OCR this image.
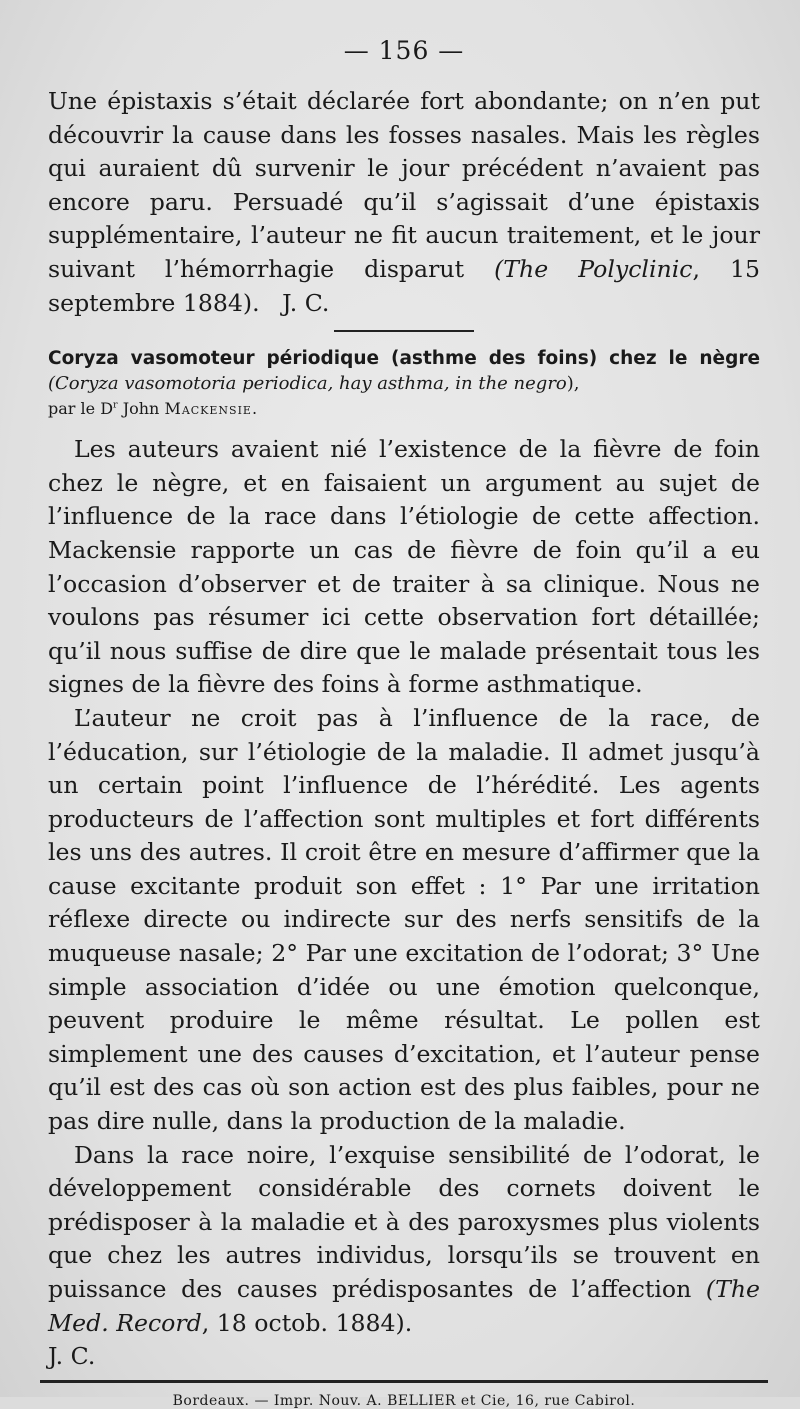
— 156 —

Une épistaxis s’était déclarée fort abondante; on n’en put découvrir la cause dans les fosses nasales. Mais les règles qui auraient dû survenir le jour précédent n’avaient pas encore paru. Persuadé qu’il s’agissait d’une épistaxis supplémentaire, l’auteur ne fit aucun traitement, et le jour suivant l’hémorrhagie disparut (The Polyclinic, 15 septembre 1884). J. C.

Coryza vasomoteur périodique (asthme des foins) chez le nègre (Coryza vasomotoria periodica, hay asthma, in the negro),
par le $D^r$ John Mackensie.

Les auteurs avaient nié l’existence de la fièvre de foin chez le nègre, et en faisaient un argument au sujet de l’influence de la race dans l’étiologie de cette affection. Mackensie rapporte un cas de fièvre de foin qu’il a eu l’occasion d’observer et de traiter à sa clinique. Nous ne voulons pas résumer ici cette observation fort détaillée; qu’il nous suffise de dire que le malade présentait tous les signes de la fièvre des foins à forme asthmatique.

L’auteur ne croit pas à l’influence de la race, de l’éducation, sur l’étiologie de la maladie. Il admet jusqu’à un certain point l’influence de l’hérédité. Les agents producteurs de l’affection sont multiples et fort différents les uns des autres. Il croit être en mesure d’affirmer que la cause excitante produit son effet : 1° Par une irritation réflexe directe ou indirecte sur des nerfs sensitifs de la muqueuse nasale; 2° Par une excitation de l’odorat; 3° Une simple association d’idée ou une émotion quelconque, peuvent produire le même résultat. Le pollen est simplement une des causes d’excitation, et l’auteur pense qu’il est des cas où son action est des plus faibles, pour ne pas dire nulle, dans la production de la maladie.

Dans la race noire, l’exquise sensibilité de l’odorat, le développement considérable des cornets doivent le prédisposer à la maladie et à des paroxysmes plus violents que chez les autres individus, lorsqu’ils se trouvent en puissance des causes prédisposantes de l’affection (The Med. Record, 18 octob. 1884).

J. C.

Bordeaux. — Impr. Nouv. A. BELLIER et Cie, 16, rue Cabirol.
